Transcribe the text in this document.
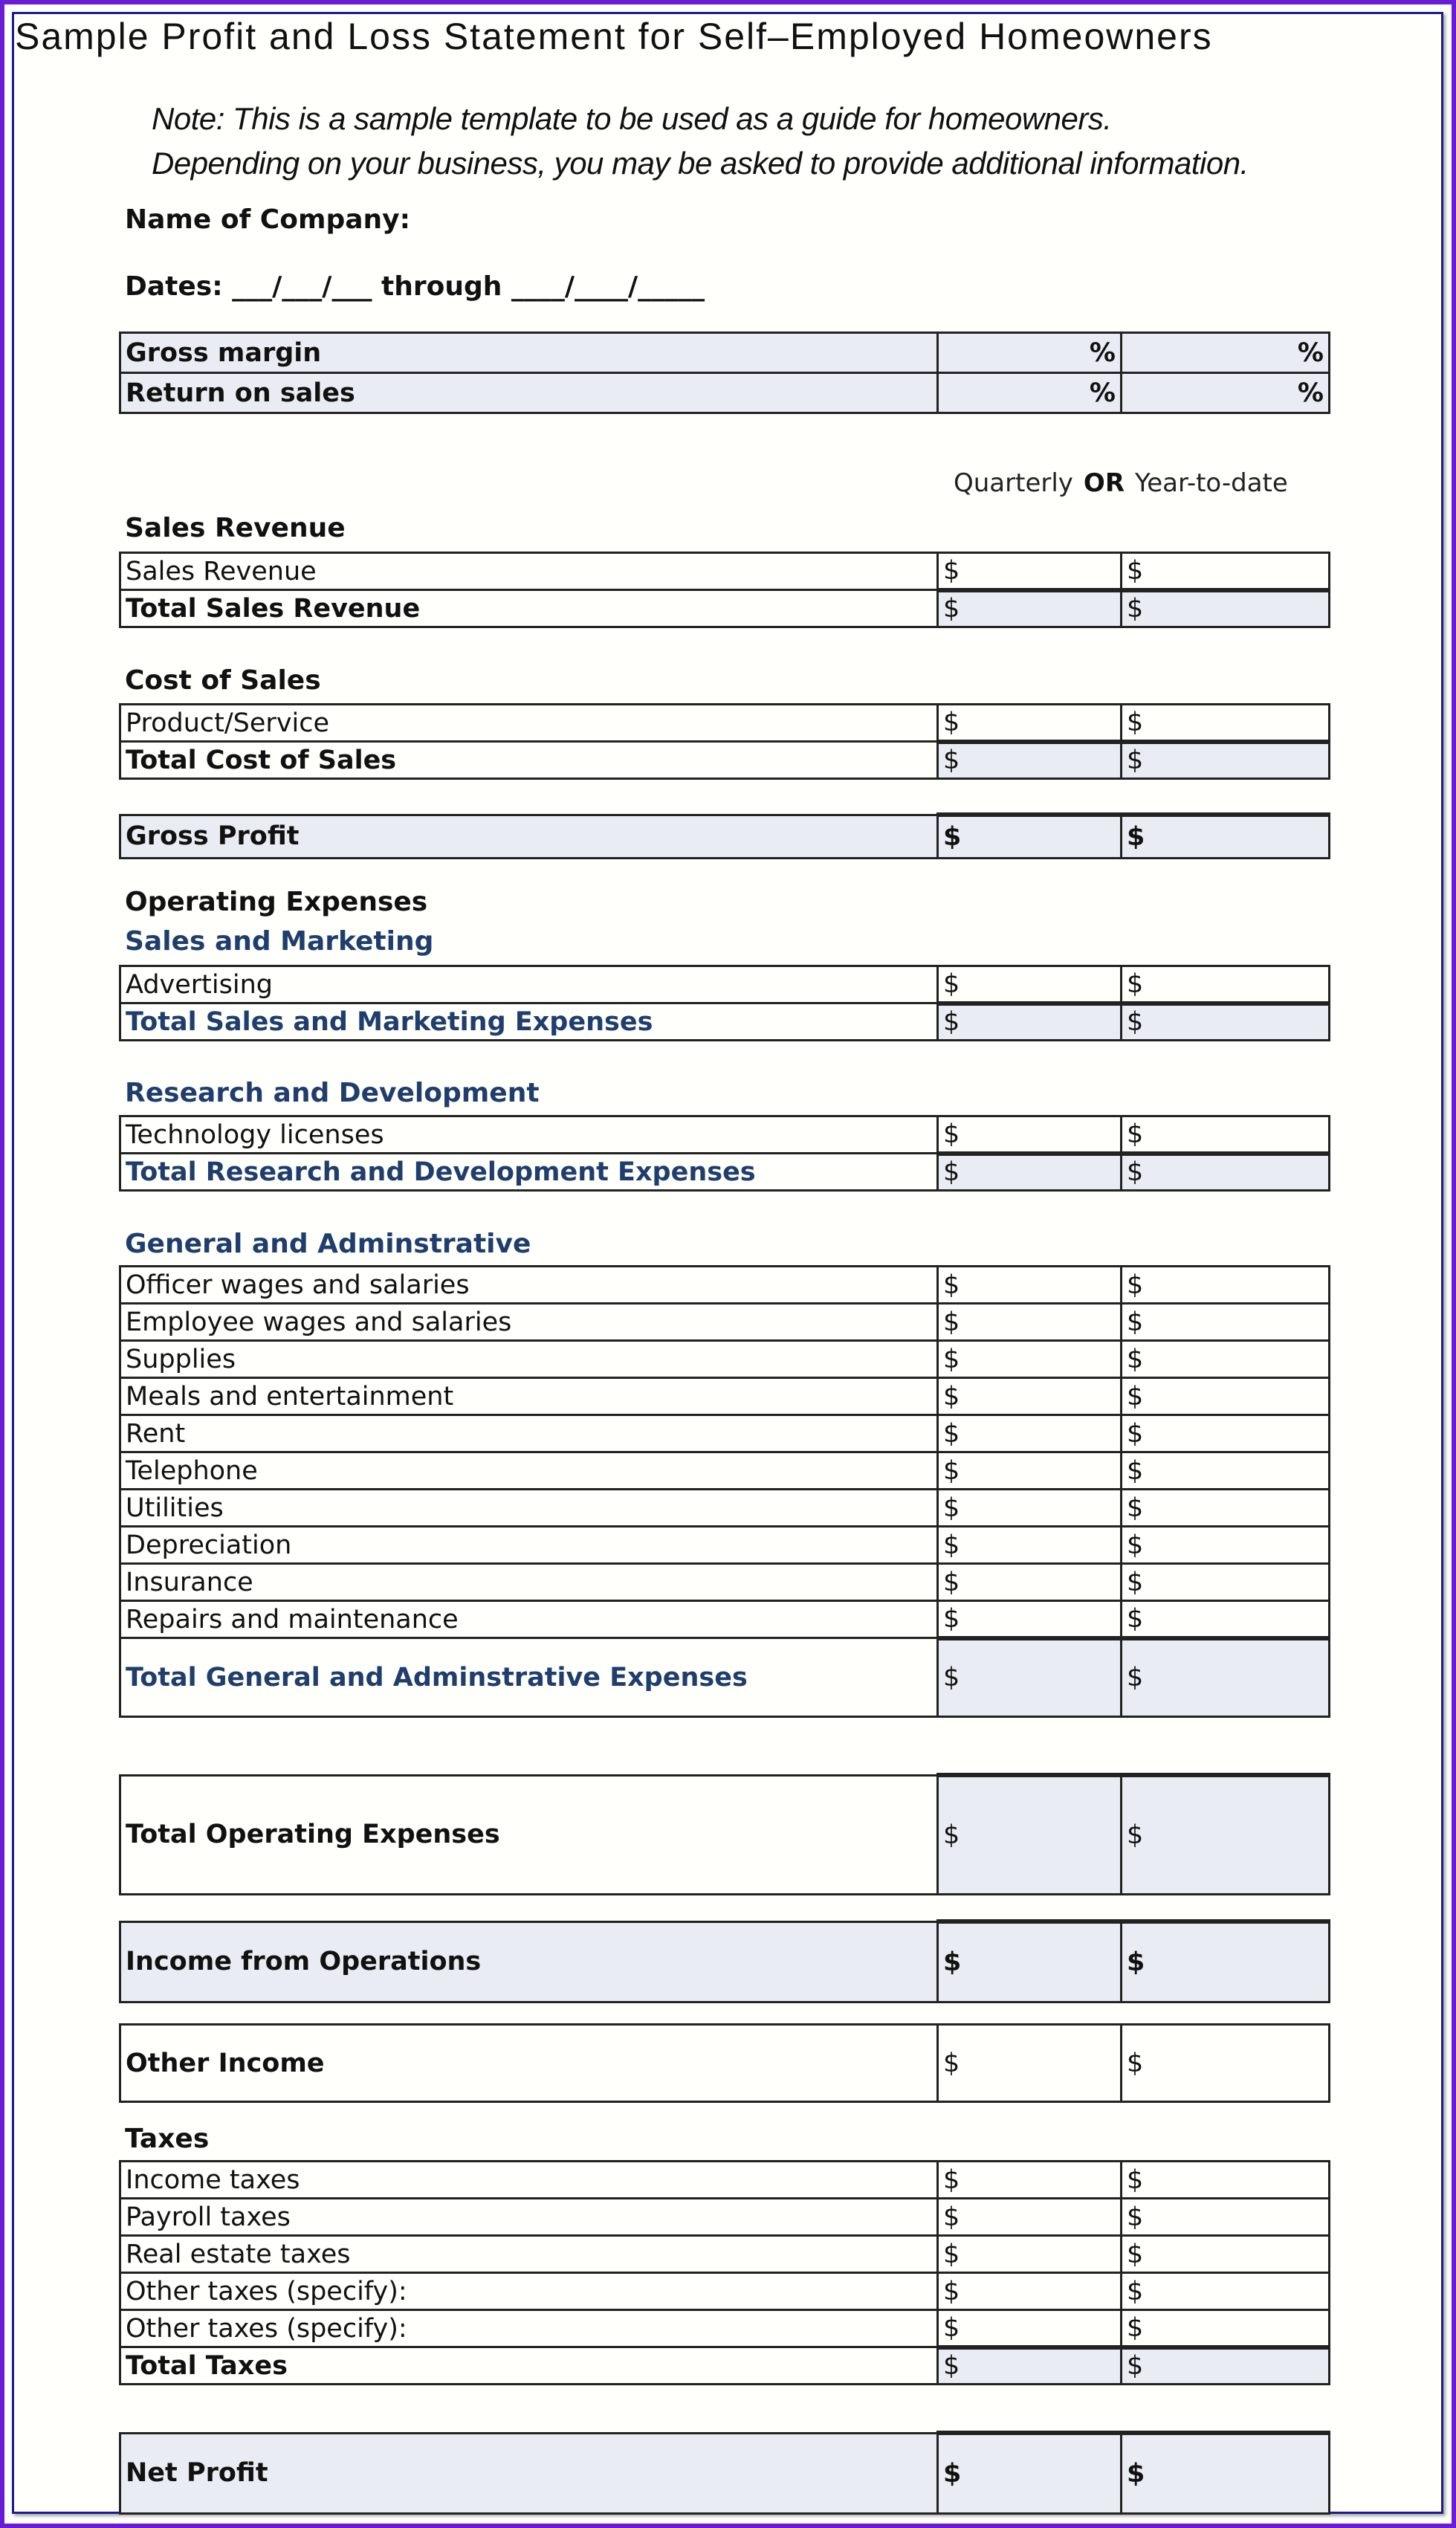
Sample Profit and Loss Statement for Self–Employed Homeowners
Note: This is a sample template to be used as a guide for homeowners.
Depending on your business, you may be asked to provide additional information.
Name of Company:
Dates: ___/___/___ through ____/____/_____
Gross margin	%	%
Return on sales	%	%
Quarterly OR Year-to-date
Sales Revenue
Sales Revenue	$	$
Total Sales Revenue	$	$
Cost of Sales
Product/Service	$	$
Total Cost of Sales	$	$
Gross Profit	$	$
Operating Expenses
Sales and Marketing
Advertising	$	$
Total Sales and Marketing Expenses	$	$
Research and Development
Technology licenses	$	$
Total Research and Development Expenses	$	$
General and Adminstrative
Officer wages and salaries	$	$
Employee wages and salaries	$	$
Supplies	$	$
Meals and entertainment	$	$
Rent	$	$
Telephone	$	$
Utilities	$	$
Depreciation	$	$
Insurance	$	$
Repairs and maintenance	$	$
Total General and Adminstrative Expenses	$	$
Total Operating Expenses	$	$
Income from Operations	$	$
Other Income	$	$
Taxes
Income taxes	$	$
Payroll taxes	$	$
Real estate taxes	$	$
Other taxes (specify):	$	$
Other taxes (specify):	$	$
Total Taxes	$	$
Net Profit	$	$
